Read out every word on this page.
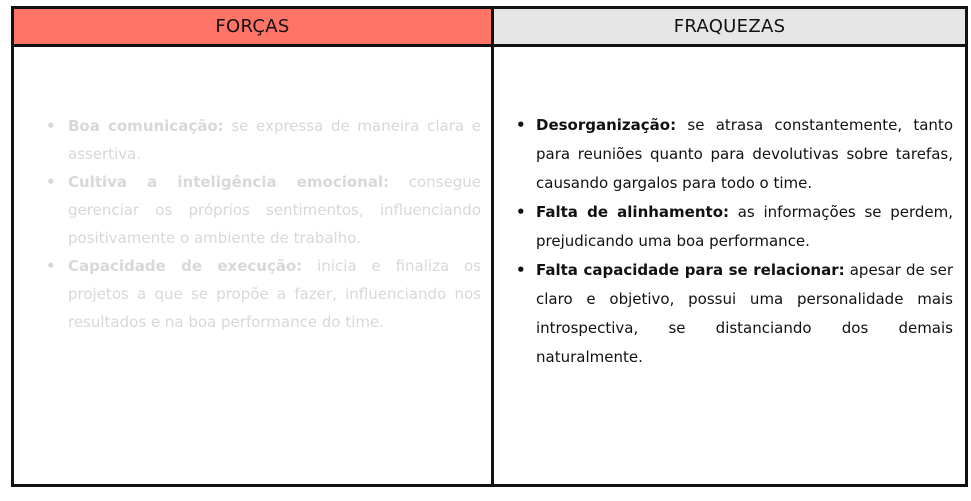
FORÇAS	FRAQUEZAS
• Boa comunicação: se expressa de maneira clara e assertiva.
• Cultiva a inteligência emocional: consegue gerenciar os próprios sentimentos, influenciando positivamente o ambiente de trabalho.
• Capacidade de execução: inicia e finaliza os projetos a que se propõe a fazer, influenciando nos resultados e na boa performance do time.
• Desorganização: se atrasa constantemente, tanto para reuniões quanto para devolutivas sobre tarefas, causando gargalos para todo o time.
• Falta de alinhamento: as informações se perdem, prejudicando uma boa performance.
• Falta capacidade para se relacionar: apesar de ser claro e objetivo, possui uma personalidade mais introspectiva, se distanciando dos demais naturalmente.
